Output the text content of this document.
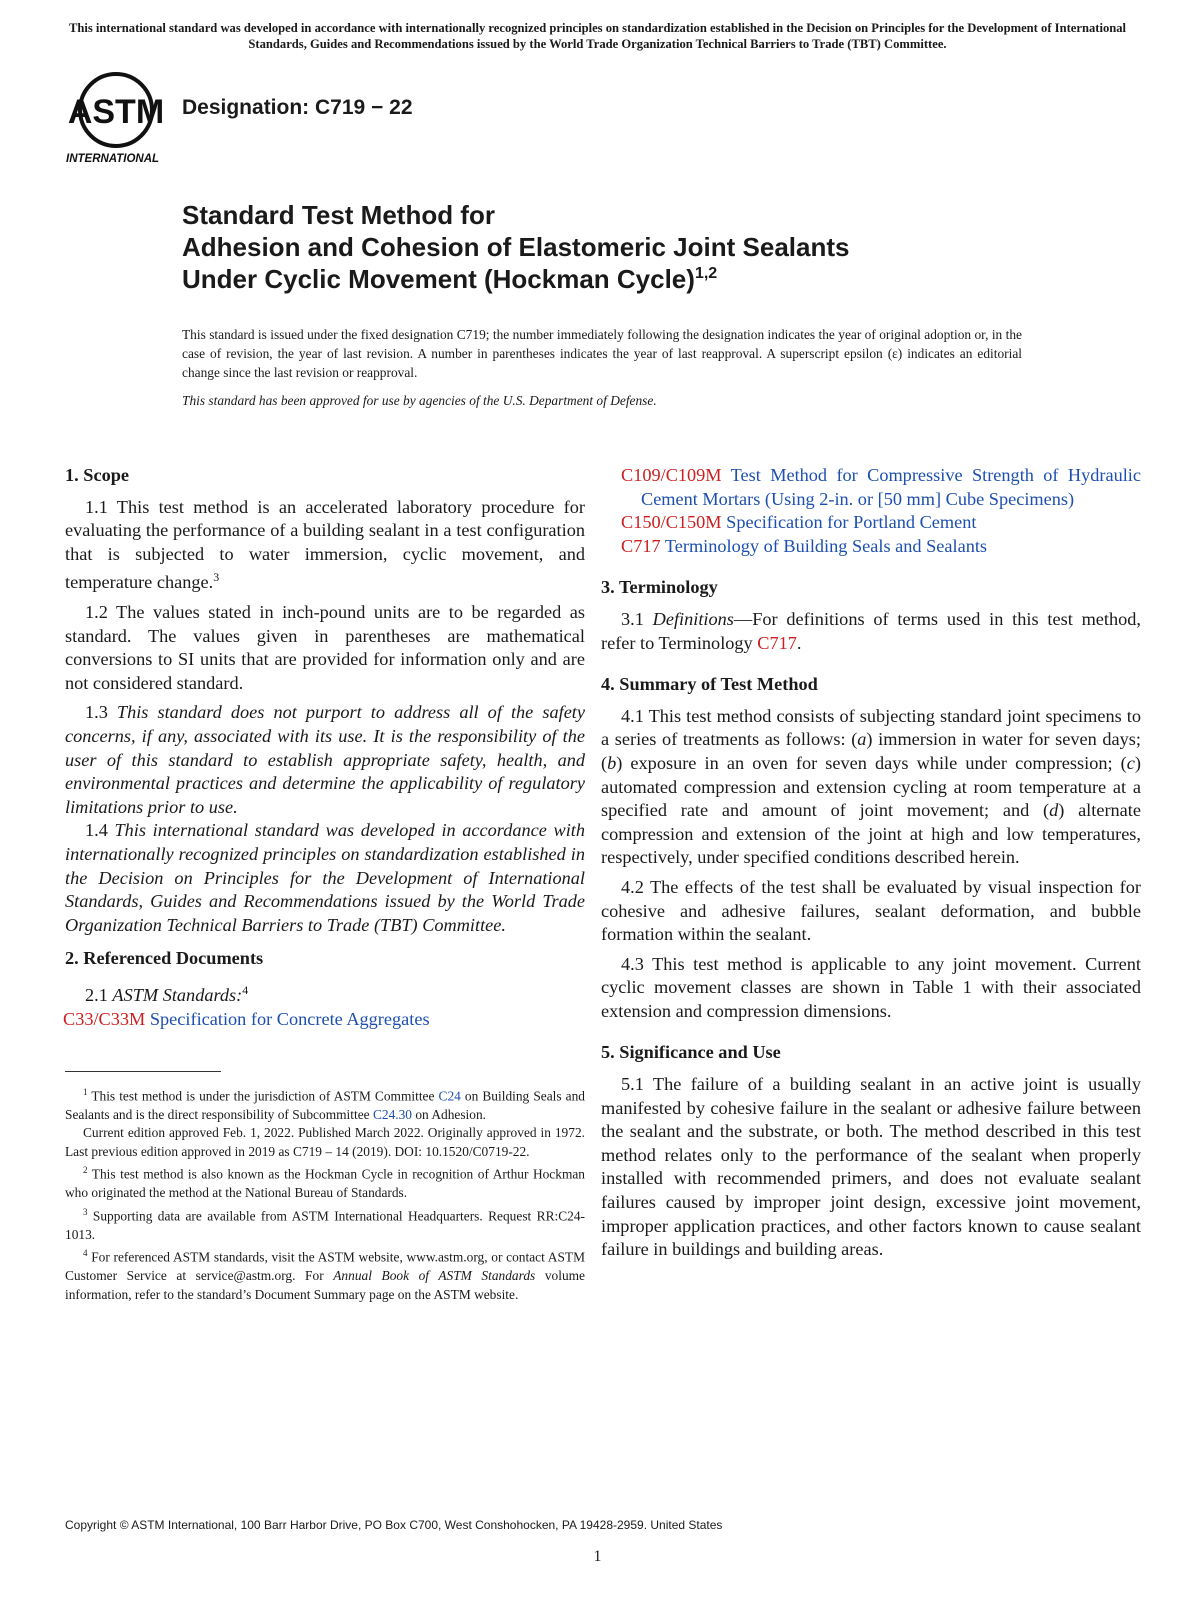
This international standard was developed in accordance with internationally recognized principles on standardization established in the Decision on Principles for the Development of International Standards, Guides and Recommendations issued by the World Trade Organization Technical Barriers to Trade (TBT) Committee.
ASTM
INTERNATIONAL
Designation: C719 − 22
Standard Test Method for
Adhesion and Cohesion of Elastomeric Joint Sealants
Under Cyclic Movement (Hockman Cycle)$^{1,2}$
This standard is issued under the fixed designation C719; the number immediately following the designation indicates the year of original adoption or, in the case of revision, the year of last revision. A number in parentheses indicates the year of last reapproval. A superscript epsilon (ε) indicates an editorial change since the last revision or reapproval.
This standard has been approved for use by agencies of the U.S. Department of Defense.
1. Scope

1.1 This test method is an accelerated laboratory procedure for evaluating the performance of a building sealant in a test configuration that is subjected to water immersion, cyclic movement, and temperature change.$^3$

1.2 The values stated in inch-pound units are to be regarded as standard. The values given in parentheses are mathematical conversions to SI units that are provided for information only and are not considered standard.

1.3 This standard does not purport to address all of the safety concerns, if any, associated with its use. It is the responsibility of the user of this standard to establish appropriate safety, health, and environmental practices and determine the applicability of regulatory limitations prior to use.

1.4 This international standard was developed in accordance with internationally recognized principles on standardization established in the Decision on Principles for the Development of International Standards, Guides and Recommendations issued by the World Trade Organization Technical Barriers to Trade (TBT) Committee.

2. Referenced Documents

2.1 ASTM Standards:$^4$

C33/C33M Specification for Concrete Aggregates

$^1$ This test method is under the jurisdiction of ASTM Committee C24 on Building Seals and Sealants and is the direct responsibility of Subcommittee C24.30 on Adhesion.

Current edition approved Feb. 1, 2022. Published March 2022. Originally approved in 1972. Last previous edition approved in 2019 as C719 – 14 (2019). DOI: 10.1520/C0719-22.

$^2$ This test method is also known as the Hockman Cycle in recognition of Arthur Hockman who originated the method at the National Bureau of Standards.

$^3$ Supporting data are available from ASTM International Headquarters. Request RR:C24-1013.

$^4$ For referenced ASTM standards, visit the ASTM website, www.astm.org, or contact ASTM Customer Service at service@astm.org. For Annual Book of ASTM Standards volume information, refer to the standard’s Document Summary page on the ASTM website.

C109/C109M Test Method for Compressive Strength of Hydraulic Cement Mortars (Using 2-in. or [50 mm] Cube Specimens)

C150/C150M Specification for Portland Cement

C717 Terminology of Building Seals and Sealants

3. Terminology

3.1 Definitions—For definitions of terms used in this test method, refer to Terminology C717.

4. Summary of Test Method

4.1 This test method consists of subjecting standard joint specimens to a series of treatments as follows: (a) immersion in water for seven days; (b) exposure in an oven for seven days while under compression; (c) automated compression and extension cycling at room temperature at a specified rate and amount of joint movement; and (d) alternate compression and extension of the joint at high and low temperatures, respectively, under specified conditions described herein.

4.2 The effects of the test shall be evaluated by visual inspection for cohesive and adhesive failures, sealant deformation, and bubble formation within the sealant.

4.3 This test method is applicable to any joint movement. Current cyclic movement classes are shown in Table 1 with their associated extension and compression dimensions.

5. Significance and Use

5.1 The failure of a building sealant in an active joint is usually manifested by cohesive failure in the sealant or adhesive failure between the sealant and the substrate, or both. The method described in this test method relates only to the performance of the sealant when properly installed with recommended primers, and does not evaluate sealant failures caused by improper joint design, excessive joint movement, improper application practices, and other factors known to cause sealant failure in buildings and building areas.

Copyright © ASTM International, 100 Barr Harbor Drive, PO Box C700, West Conshohocken, PA 19428-2959. United States
1
